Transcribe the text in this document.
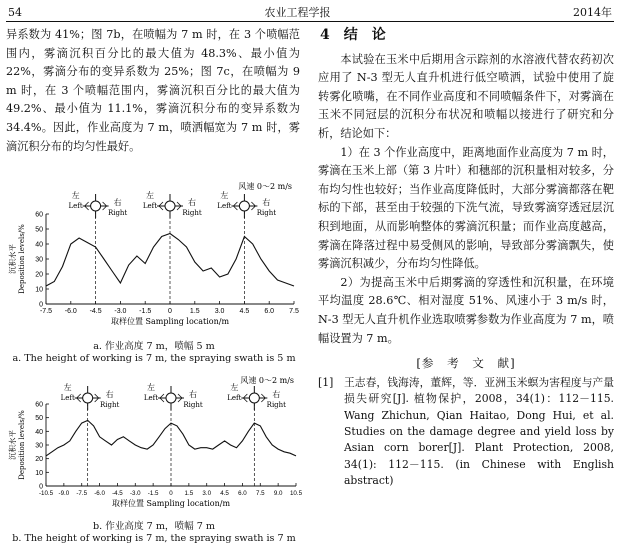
54	农业工程学报	2014年

异系数为 41%；图 7b，在喷幅为 7 m 时，在 3 个喷幅范围内，雾滴沉积百分比的最大值为 48.3%、最小值为 22%，雾滴分布的变异系数为 25%；图 7c，在喷幅为 9 m 时，在 3 个喷幅范围内，雾滴沉积百分比的最大值为 49.2%、最小值为 11.1%，雾滴沉积分布的变异系数为 34.4%。因此，作业高度为 7 m，喷洒幅宽为 7 m 时，雾滴沉积分布的均匀性最好。

0
10
20
30
40
50
60
-7.5 -6.0 -4.5 -3.0 -1.5 0	1.5 3.0 4.5 6.0 7.5
取样位置 Sampling location/m
沉积水平 Deposition levels/%
左
Left	右
Right
左
Left	右
Right
左
Left	右
Right
风速 0～2 m/s
a. 作业高度 7 m，喷幅 5 m
a. The height of working is 7 m, the spraying swath is 5 m
0
10
20
30
40
50
60
-10.5 -9.0 -7.5 -6.0 -4.5 -3.0 -1.5 0 1.5 3.0 4.5 6.0 7.5 9.0 10.5
取样位置 Sampling location/m
沉积水平 Deposition levels/%
左
Left	右
Right
左
Left	右
Right
左
Left	右
Right
风速 0～2 m/s
b. 作业高度 7 m，喷幅 7 m
b. The height of working is 7 m, the spraying swath is 7 m
4　结　论

本试验在玉米中后期用含示踪剂的水溶液代替农药初次应用了 N-3 型无人直升机进行低空喷洒，试验中使用了旋转雾化喷嘴，在不同作业高度和不同喷幅条件下，对雾滴在玉米不同冠层的沉积分布状况和喷幅以接进行了研究和分析，结论如下：

1）在 3 个作业高度中，距离地面作业高度为 7 m 时，雾滴在玉米上部（第 3 片叶）和穗部的沉积量相对较多，分布均匀性也较好；当作业高度降低时，大部分雾滴都落在靶标的下部，甚至由于较强的下洗气流，导致雾滴穿透冠层沉积到地面，从而影响整体的雾滴沉积量；而作业高度越高，雾滴在降落过程中易受侧风的影响，导致部分雾滴飘失，使雾滴沉积减少，分布均匀性降低。

2）为提高玉米中后期雾滴的穿透性和沉积量，在环境平均温度 28.6℃、相对湿度 51%、风速小于 3 m/s 时，N-3 型无人直升机作业选取喷雾参数为作业高度为 7 m，喷幅设置为 7 m。

[参　考　文　献]
[1] 王志春，钱海涛，董辉，等．亚洲玉米螟为害程度与产量损失研究[J]. 植物保护，2008，34(1)：112－115. Wang Zhichun, Qian Haitao, Dong Hui, et al. Studies on the damage degree and yield loss by Asian corn borer[J]. Plant Protection, 2008, 34(1): 112－115. (in Chinese with English abstract)
